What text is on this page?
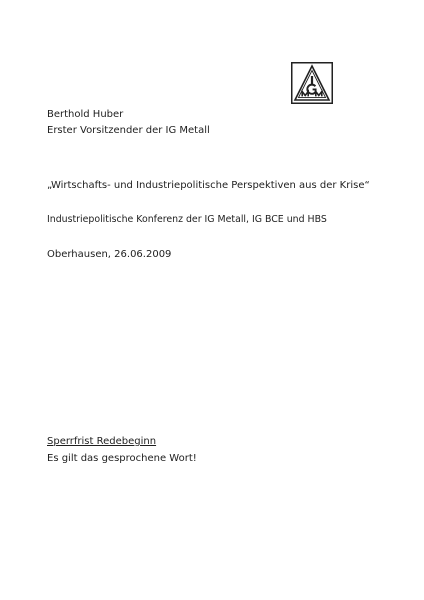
Berthold Huber
Erster Vorsitzender der IG Metall
„Wirtschafts- und Industriepolitische Perspektiven aus der Krise“
Industriepolitische Konferenz der IG Metall, IG BCE und HBS
Oberhausen, 26.06.2009
Sperrfrist Redebeginn
Es gilt das gesprochene Wort!
